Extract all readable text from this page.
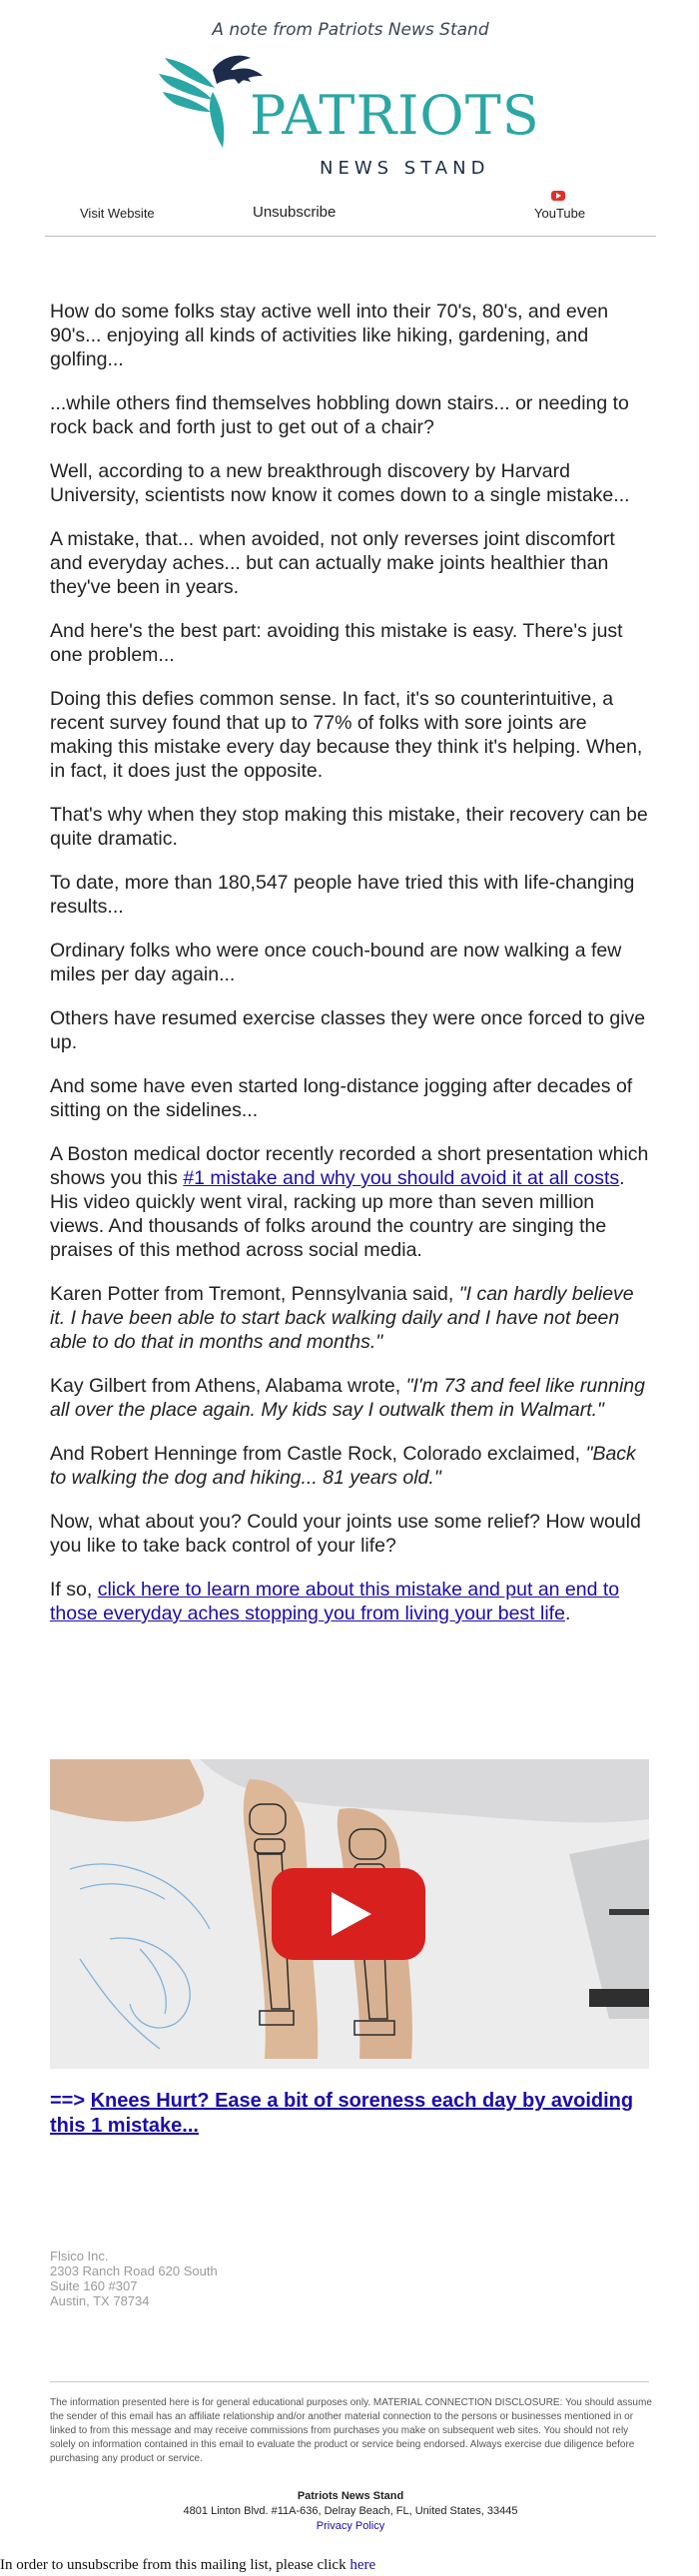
A note from Patriots News Stand
PATRIOTS
NEWS STAND
Visit Website	Unsubscribe	YouTube

How do some folks stay active well into their 70's, 80's, and even 90's... enjoying all kinds of activities like hiking, gardening, and golfing...

...while others find themselves hobbling down stairs... or needing to rock back and forth just to get out of a chair?

Well, according to a new breakthrough discovery by Harvard University, scientists now know it comes down to a single mistake...

A mistake, that... when avoided, not only reverses joint discomfort and everyday aches... but can actually make joints healthier than they've been in years.

And here's the best part: avoiding this mistake is easy. There's just one problem...

Doing this defies common sense. In fact, it's so counterintuitive, a recent survey found that up to 77% of folks with sore joints are making this mistake every day because they think it's helping. When, in fact, it does just the opposite.

That's why when they stop making this mistake, their recovery can be quite dramatic.

To date, more than 180,547 people have tried this with life-changing results...

Ordinary folks who were once couch-bound are now walking a few miles per day again...

Others have resumed exercise classes they were once forced to give up.

And some have even started long-distance jogging after decades of sitting on the sidelines...

A Boston medical doctor recently recorded a short presentation which shows you this #1 mistake and why you should avoid it at all costs. His video quickly went viral, racking up more than seven million views. And thousands of folks around the country are singing the praises of this method across social media.

Karen Potter from Tremont, Pennsylvania said, "I can hardly believe it. I have been able to start back walking daily and I have not been able to do that in months and months."

Kay Gilbert from Athens, Alabama wrote, "I'm 73 and feel like running all over the place again. My kids say I outwalk them in Walmart."

And Robert Henninge from Castle Rock, Colorado exclaimed, "Back to walking the dog and hiking... 81 years old."

Now, what about you? Could your joints use some relief? How would you like to take back control of your life?

If so, click here to learn more about this mistake and put an end to those everyday aches stopping you from living your best life.

==> Knees Hurt? Ease a bit of soreness each day by avoiding this 1 mistake...
Flsico Inc.
2303 Ranch Road 620 South
Suite 160 #307
Austin, TX 78734
The information presented here is for general educational purposes only. MATERIAL CONNECTION DISCLOSURE: You should assume the sender of this email has an affiliate relationship and/or another material connection to the persons or businesses mentioned in or linked to from this message and may receive commissions from purchases you make on subsequent web sites. You should not rely solely on information contained in this email to evaluate the product or service being endorsed. Always exercise due diligence before purchasing any product or service.
Patriots News Stand
4801 Linton Blvd. #11A-636, Delray Beach, FL, United States, 33445
Privacy Policy
In order to unsubscribe from this mailing list, please click here
